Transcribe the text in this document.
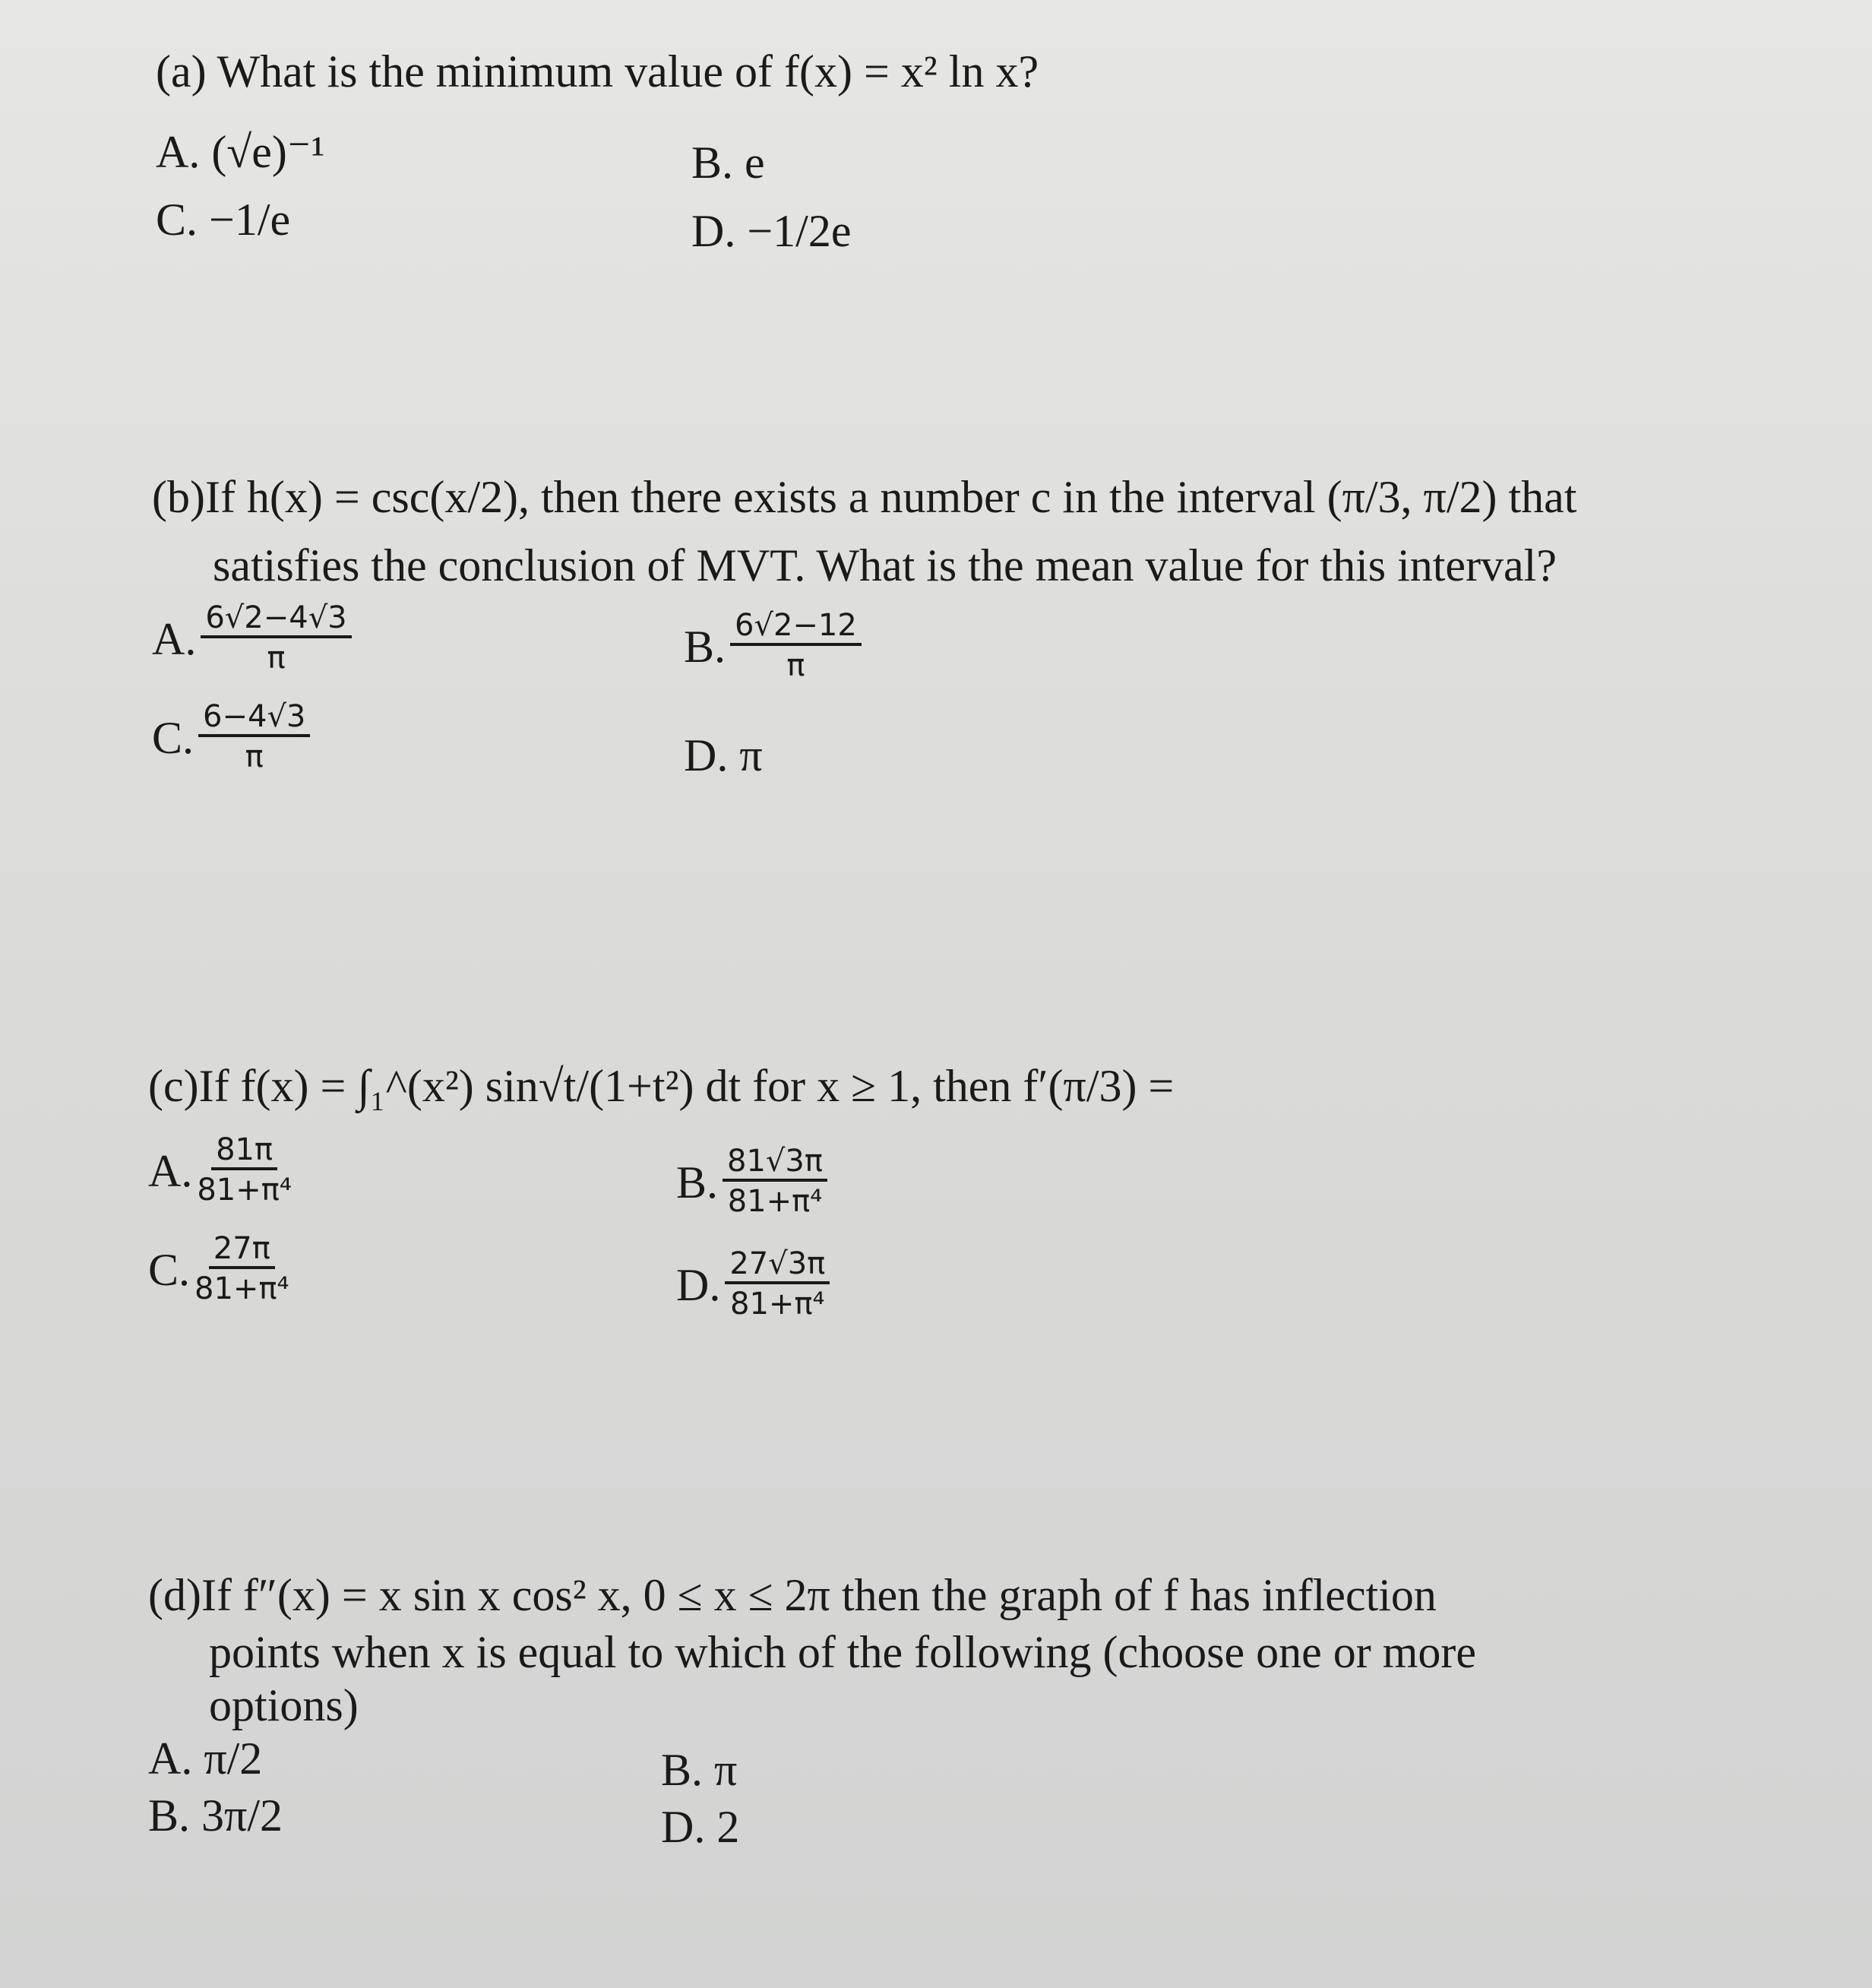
(a) What is the minimum value of f(x) = x² ln x?
A. (√e)⁻¹	B. e
C. −1/e	D. −1/2e
(b)If h(x) = csc(x/2), then there exists a number c in the interval (π/3, π/2) that
satisfies the conclusion of MVT. What is the mean value for this interval?
A. $\frac{6√2-4√3}{\pi}$	B. $\frac{6√2-12}{\pi}$
C. $\frac{6-4√3}{\pi}$	D. π
(c)If f(x) = ∫₁^(x²) sin√t/(1+t²) dt for x ≥ 1, then f′(π/3) =
A. $\frac{81\pi}{\text{81+π⁴}}$	B. $\frac{81√3\pi}{\text{81+π⁴}}$
C. $\frac{27\pi}{\text{81+π⁴}}$	D. $\frac{27√3\pi}{\text{81+π⁴}}$
(d)If f″(x) = x sin x cos² x, 0 ≤ x ≤ 2π then the graph of f has inflection
points when x is equal to which of the following (choose one or more
options)
A. π/2	B. π
B. 3π/2	D. 2
